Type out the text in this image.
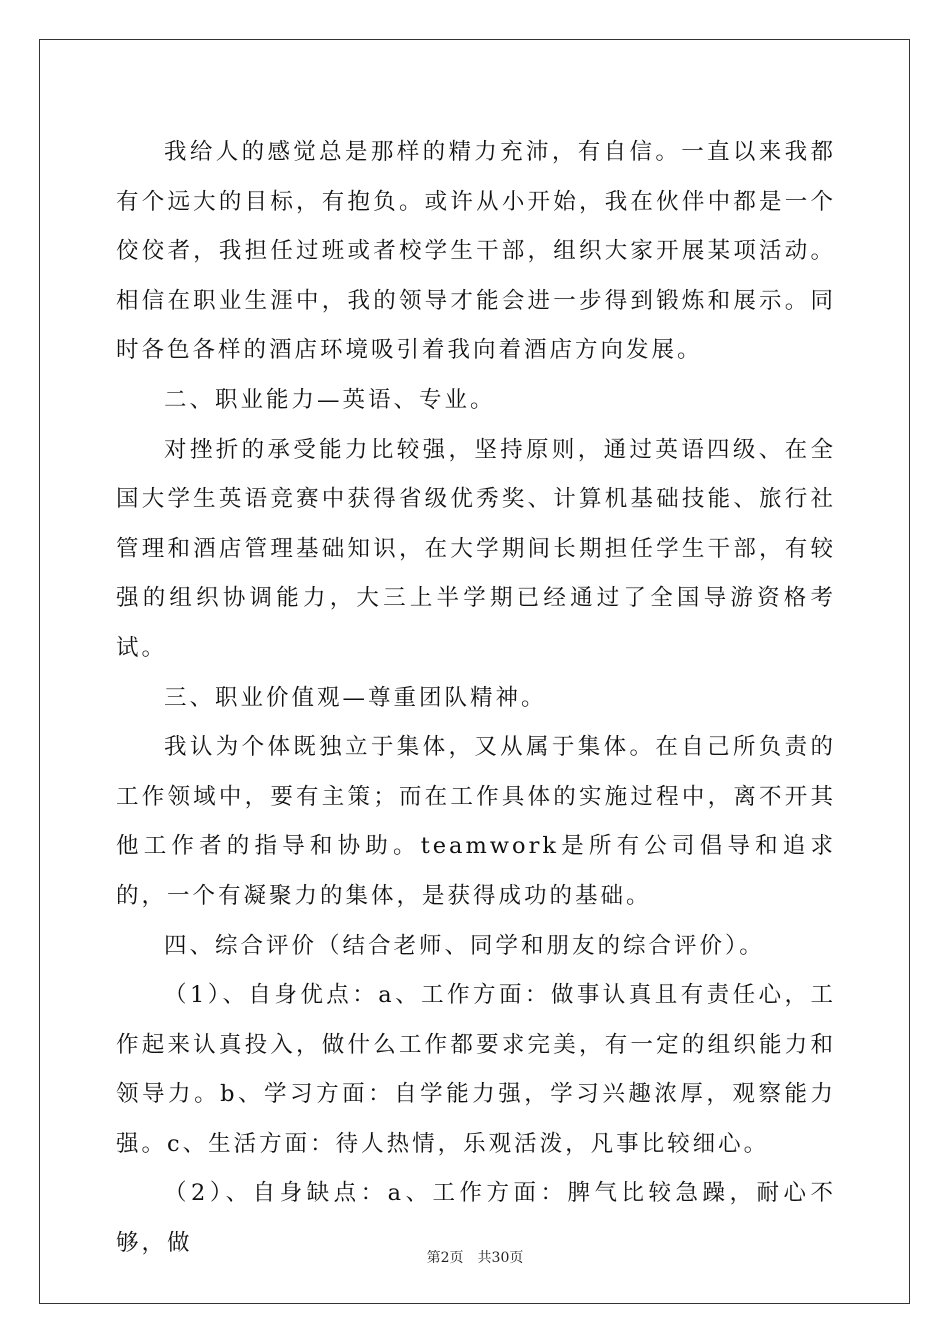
我给人的感觉总是那样的精力充沛，有自信。一直以来我都有个远大的目标，有抱负。或许从小开始，我在伙伴中都是一个佼佼者，我担任过班或者校学生干部，组织大家开展某项活动。相信在职业生涯中，我的领导才能会进一步得到锻炼和展示。同时各色各样的酒店环境吸引着我向着酒店方向发展。

二、职业能力—英语、专业。

对挫折的承受能力比较强，坚持原则，通过英语四级、在全国大学生英语竞赛中获得省级优秀奖、计算机基础技能、旅行社管理和酒店管理基础知识，在大学期间长期担任学生干部，有较强的组织协调能力，大三上半学期已经通过了全国导游资格考试。

三、职业价值观—尊重团队精神。

我认为个体既独立于集体，又从属于集体。在自己所负责的工作领域中，要有主策；而在工作具体的实施过程中，离不开其他工作者的指导和协助。teamwork是所有公司倡导和追求的，一个有凝聚力的集体，是获得成功的基础。

四、综合评价（结合老师、同学和朋友的综合评价）。

（1）、自身优点：a、工作方面：做事认真且有责任心，工作起来认真投入，做什么工作都要求完美，有一定的组织能力和领导力。b、学习方面：自学能力强，学习兴趣浓厚，观察能力强。c、生活方面：待人热情，乐观活泼，凡事比较细心。

（2）、自身缺点：a、工作方面：脾气比较急躁，耐心不够，做

第2页 共30页
